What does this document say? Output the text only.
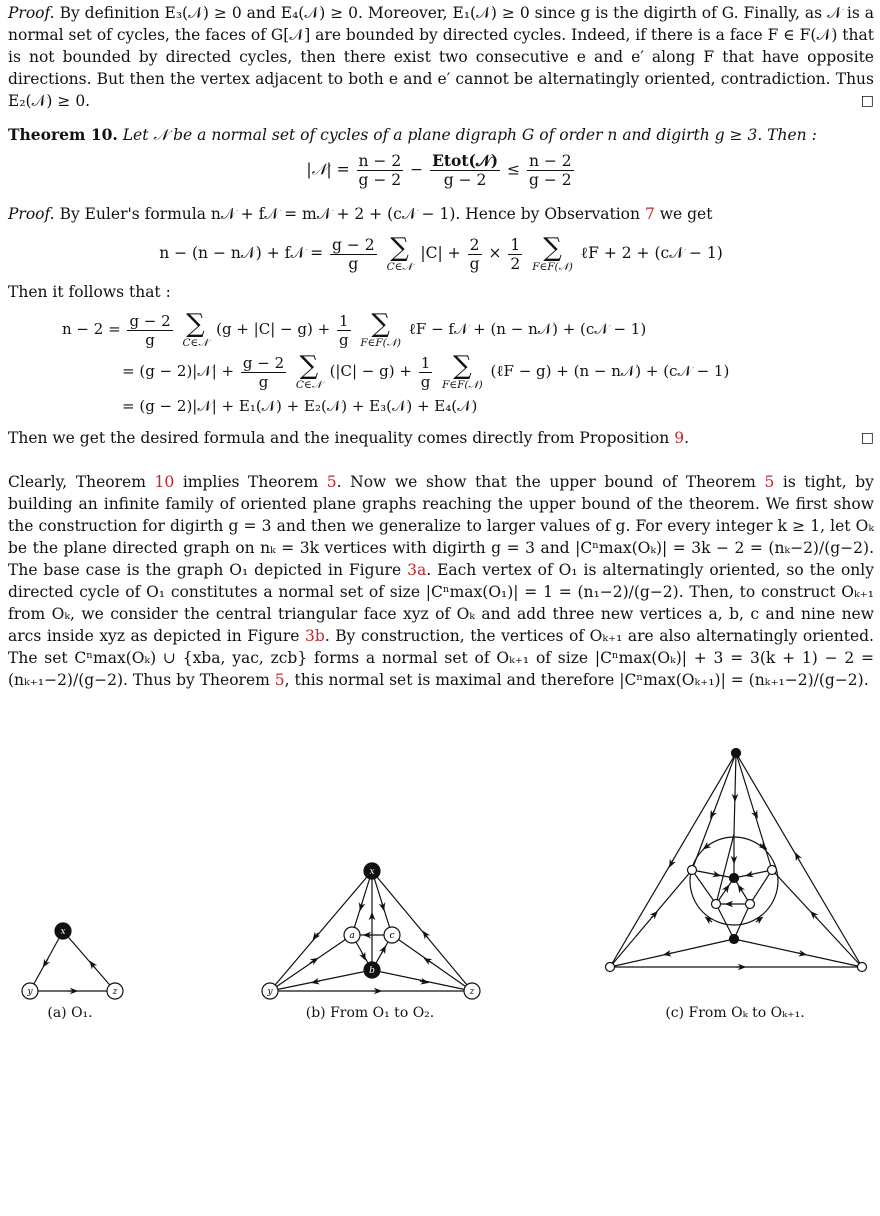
Proof. By definition E₃(𝒩) ≥ 0 and E₄(𝒩) ≥ 0. Moreover, E₁(𝒩) ≥ 0 since g is the digirth of G. Finally, as 𝒩 is a normal set of cycles, the faces of G[𝒩] are bounded by directed cycles. Indeed, if there is a face F ∈ F(𝒩) that is not bounded by directed cycles, then there exist two consecutive e and e′ along F that have opposite directions. But then the vertex adjacent to both e and e′ cannot be alternatingly oriented, contradiction. Thus E₂(𝒩) ≥ 0.	□

Theorem 10. Let 𝒩 be a normal set of cycles of a plane digraph G of order n and digirth g ≥ 3. Then :

|𝒩| = $\frac{n - 2}{g - 2} - \frac{\text{Etot(𝒩)}}{g - 2} \le \frac{n - 2}{g - 2}$

Proof. By Euler's formula n𝒩 + f𝒩 = m𝒩 + 2 + (c𝒩 − 1). Hence by Observation 7 we get

n − (n − n𝒩) + f𝒩 = $\frac{g - 2}{g}$
∑
C∈𝒩
$|C| + \frac{2}{g} \times \frac{1}{2}$
∑
F∈F(𝒩)
ℓF + 2 + (c𝒩 − 1)

Then it follows that :

$n - 2 = \frac{g - 2}{g}$
∑
C∈𝒩
$(g + |C| - g) + \frac{1}{g}$
∑
F∈F(𝒩)
ℓF − f𝒩 + (n − n𝒩) + (c𝒩 − 1)
= (g − 2)|𝒩| + $\frac{g - 2}{g}$
∑
C∈𝒩
$(|C| - g) + \frac{1}{g}$
∑
F∈F(𝒩)
(ℓF − g) + (n − n𝒩) + (c𝒩 − 1)
= (g − 2)|𝒩| + E₁(𝒩) + E₂(𝒩) + E₃(𝒩) + E₄(𝒩)

Then we get the desired formula and the inequality comes directly from Proposition 9.	□

Clearly, Theorem 10 implies Theorem 5. Now we show that the upper bound of Theorem 5 is tight, by building an infinite family of oriented plane graphs reaching the upper bound of the theorem. We first show the construction for digirth g = 3 and then we generalize to larger values of g. For every integer k ≥ 1, let Oₖ be the plane directed graph on nₖ = 3k vertices with digirth g = 3 and |Cⁿmax(Oₖ)| = 3k − 2 = (nₖ−2)/(g−2). The base case is the graph O₁ depicted in Figure 3a. Each vertex of O₁ is alternatingly oriented, so the only directed cycle of O₁ constitutes a normal set of size |Cⁿmax(O₁)| = 1 = (n₁−2)/(g−2). Then, to construct Oₖ₊₁ from Oₖ, we consider the central triangular face xyz of Oₖ and add three new vertices a, b, c and nine new arcs inside xyz as depicted in Figure 3b. By construction, the vertices of Oₖ₊₁ are also alternatingly oriented. The set Cⁿmax(Oₖ) ∪ {xba, yac, zcb} forms a normal set of Oₖ₊₁ of size |Cⁿmax(Oₖ)| + 3 = 3(k + 1) − 2 = (nₖ₊₁−2)/(g−2). Thus by Theorem 5, this normal set is maximal and therefore |Cⁿmax(Oₖ₊₁)| = (nₖ₊₁−2)/(g−2).

x
y	z
x
y	z
a	c
b
(a) O₁.	(b) From O₁ to O₂.	(c) From Oₖ to Oₖ₊₁.
